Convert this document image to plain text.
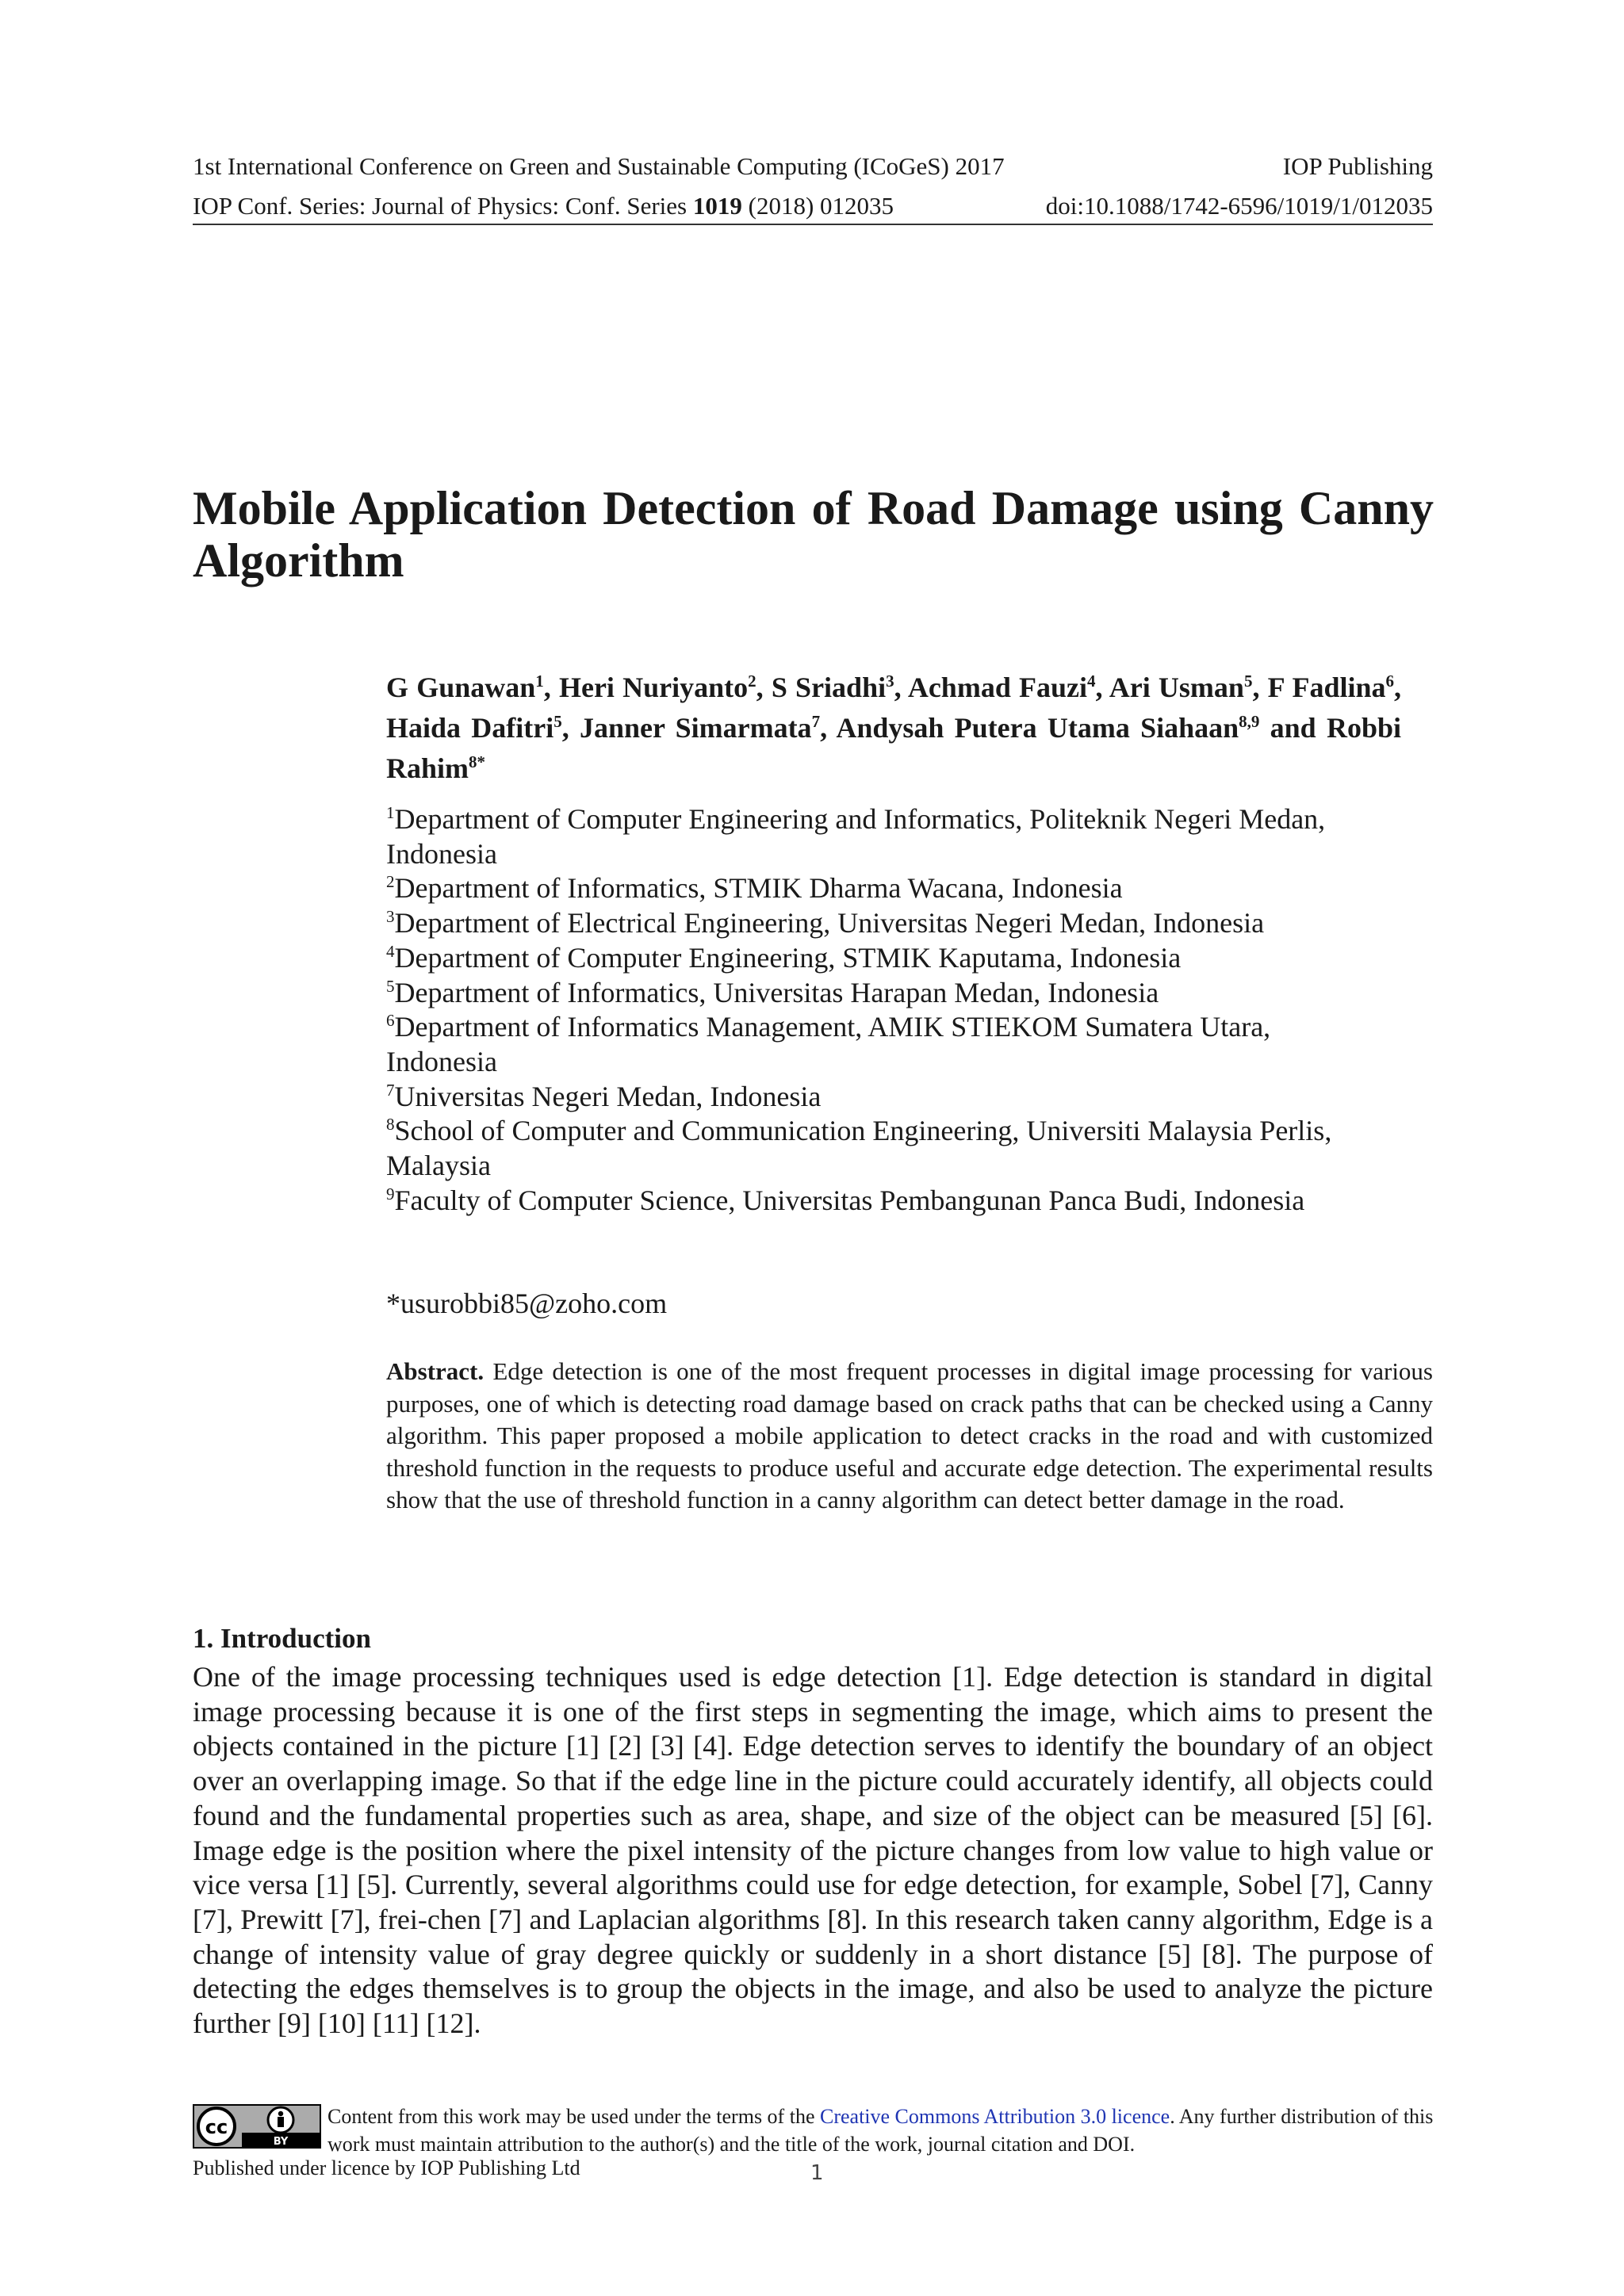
1st International Conference on Green and Sustainable Computing (ICoGeS) 2017	IOP Publishing
IOP Conf. Series: Journal of Physics: Conf. Series 1019 (2018) 012035	doi:10.1088/1742-6596/1019/1/012035
Mobile Application Detection of Road Damage using Canny Algorithm
G Gunawan$^1$, Heri Nuriyanto$^2$, S Sriadhi$^3$, Achmad Fauzi$^4$, Ari Usman$^5$, F Fadlina$^6$, Haida Dafitri$^5$, Janner Simarmata$^7$, Andysah Putera Utama Siahaan$^{8,9}$ and Robbi Rahim$^{8*}$
$^1$Department of Computer Engineering and Informatics, Politeknik Negeri Medan,
Indonesia
$^2$Department of Informatics, STMIK Dharma Wacana, Indonesia
$^3$Department of Electrical Engineering, Universitas Negeri Medan, Indonesia
$^4$Department of Computer Engineering, STMIK Kaputama, Indonesia
$^5$Department of Informatics, Universitas Harapan Medan, Indonesia
$^6$Department of Informatics Management, AMIK STIEKOM Sumatera Utara,
Indonesia
$^7$Universitas Negeri Medan, Indonesia
$^8$School of Computer and Communication Engineering, Universiti Malaysia Perlis,
Malaysia
$^9$Faculty of Computer Science, Universitas Pembangunan Panca Budi, Indonesia
*usurobbi85@zoho.com
Abstract. Edge detection is one of the most frequent processes in digital image processing for various purposes, one of which is detecting road damage based on crack paths that can be checked using a Canny algorithm. This paper proposed a mobile application to detect cracks in the road and with customized threshold function in the requests to produce useful and accurate edge detection. The experimental results show that the use of threshold function in a canny algorithm can detect better damage in the road.
1. Introduction
One of the image processing techniques used is edge detection [1]. Edge detection is standard in digital image processing because it is one of the first steps in segmenting the image, which aims to present the objects contained in the picture [1] [2] [3] [4]. Edge detection serves to identify the boundary of an object over an overlapping image. So that if the edge line in the picture could accurately identify, all objects could found and the fundamental properties such as area, shape, and size of the object can be measured [5] [6]. Image edge is the position where the pixel intensity of the picture changes from low value to high value or vice versa [1] [5]. Currently, several algorithms could use for edge detection, for example, Sobel [7], Canny [7], Prewitt [7], frei-chen [7] and Laplacian algorithms [8]. In this research taken canny algorithm, Edge is a change of intensity value of gray degree quickly or suddenly in a short distance [5] [8]. The purpose of detecting the edges themselves is to group the objects in the image, and also be used to analyze the picture further [9] [10] [11] [12].
cc
BY
Content from this work may be used under the terms of the Creative Commons Attribution 3.0 licence. Any further distribution of this work must maintain attribution to the author(s) and the title of the work, journal citation and DOI.
Published under licence by IOP Publishing Ltd	1
